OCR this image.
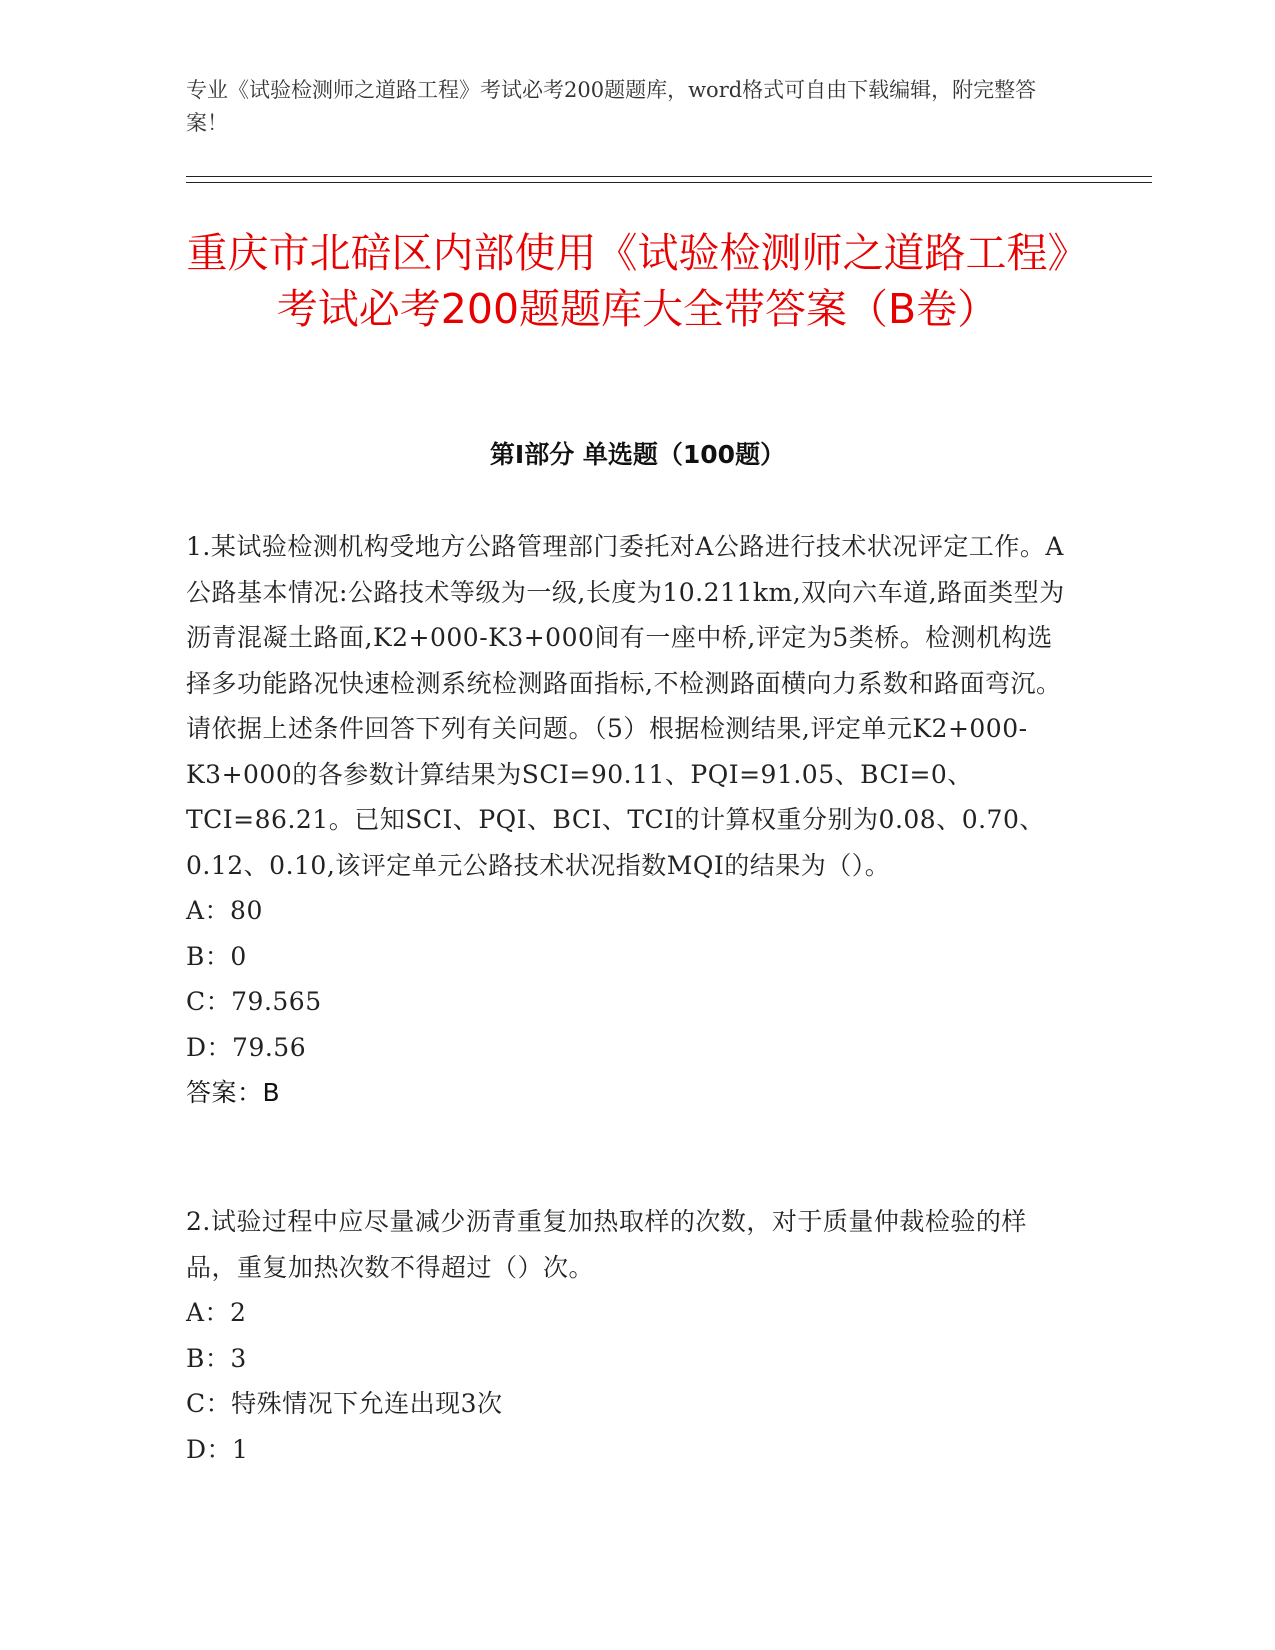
专业《试验检测师之道路工程》考试必考200题题库，word格式可自由下载编辑，附完整答案！
重庆市北碚区内部使用《试验检测师之道路工程》考试必考200题题库大全带答案（B卷）
第I部分 单选题（100题）

1.某试验检测机构受地方公路管理部门委托对A公路进行技术状况评定工作。A公路基本情况:公路技术等级为一级,长度为10.211km,双向六车道,路面类型为沥青混凝土路面,K2+000-K3+000间有一座中桥,评定为5类桥。检测机构选择多功能路况快速检测系统检测路面指标,不检测路面横向力系数和路面弯沉。请依据上述条件回答下列有关问题。（5）根据检测结果,评定单元K2+000-K3+000的各参数计算结果为SCI=90.11、PQI=91.05、BCI=0、TCI=86.21。已知SCI、PQI、BCI、TCI的计算权重分别为0.08、0.70、0.12、0.10,该评定单元公路技术状况指数MQI的结果为（）。

A：80

B：0

C：79.565

D：79.56

答案：B

2.试验过程中应尽量减少沥青重复加热取样的次数，对于质量仲裁检验的样品，重复加热次数不得超过（）次。

A：2

B：3

C：特殊情况下允连出现3次

D：1
